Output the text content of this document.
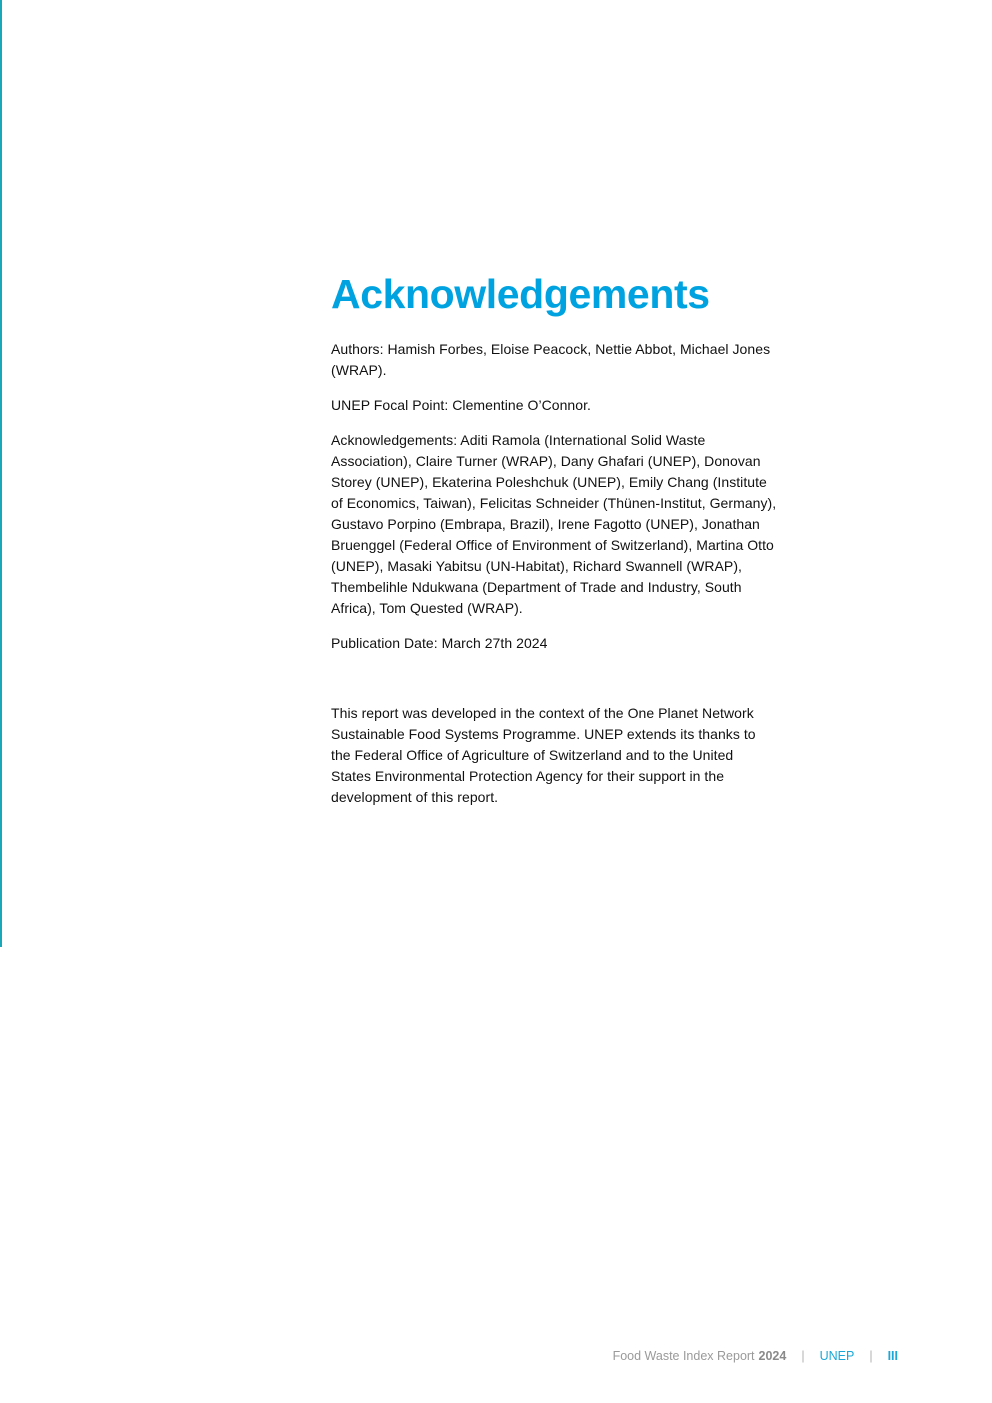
Acknowledgements

Authors: Hamish Forbes, Eloise Peacock, Nettie Abbot, Michael Jones (WRAP).

UNEP Focal Point: Clementine O’Connor.

Acknowledgements: Aditi Ramola (International Solid Waste Association), Claire Turner (WRAP), Dany Ghafari (UNEP), Donovan Storey (UNEP), Ekaterina Poleshchuk (UNEP), Emily Chang (Institute of Economics, Taiwan), Felicitas Schneider (Thünen-Institut, Germany), Gustavo Porpino (Embrapa, Brazil), Irene Fagotto (UNEP), Jonathan Bruenggel (Federal Office of Environment of Switzerland), Martina Otto (UNEP), Masaki Yabitsu (UN-Habitat), Richard Swannell (WRAP), Thembelihle Ndukwana (Department of Trade and Industry, South Africa), Tom Quested (WRAP).

Publication Date: March 27th 2024

This report was developed in the context of the One Planet Network Sustainable Food Systems Programme. UNEP extends its thanks to the Federal Office of Agriculture of Switzerland and to the United States Environmental Protection Agency for their support in the development of this report.

Food Waste Index Report 2024 | UNEP | III
